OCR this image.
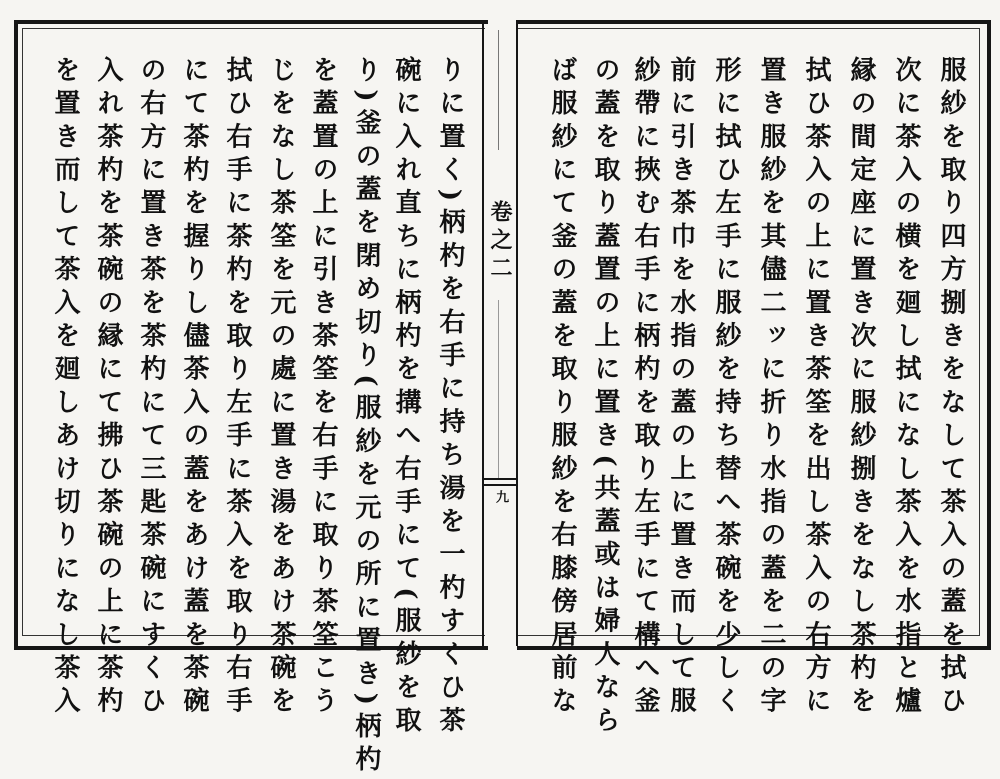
卷之二
九	服紗を取り四方捌きをなして茶入の蓋を拭ひ
次に茶入の横を廻し拭になし茶入を水指と爐
縁の間定座に置き次に服紗捌きをなし茶杓を
拭ひ茶入の上に置き茶筌を出し茶入の右方に
置き服紗を其儘二ッに折り水指の蓋を二の字
形に拭ひ左手に服紗を持ち替へ茶碗を少しく
前に引き茶巾を水指の蓋の上に置き而して服
紗帶に挾む右手に柄杓を取り左手にて構へ釜
の蓋を取り蓋置の上に置き(共蓋或は婦人なら
ば服紗にて釜の蓋を取り服紗を右膝傍居前な
りに置く)柄杓を右手に持ち湯を一杓すくひ茶
碗に入れ直ちに柄杓を搆へ右手にて(服紗を取
り)釜の蓋を閉め切り(服紗を元の所に置き)柄杓
を蓋置の上に引き茶筌を右手に取り茶筌こう
じをなし茶筌を元の處に置き湯をあけ茶碗を
拭ひ右手に茶杓を取り左手に茶入を取り右手
にて茶杓を握りし儘茶入の蓋をあけ蓋を茶碗
の右方に置き茶を茶杓にて三匙茶碗にすくひ
入れ茶杓を茶碗の縁にて拂ひ茶碗の上に茶杓
を置き而して茶入を廻しあけ切りになし茶入
